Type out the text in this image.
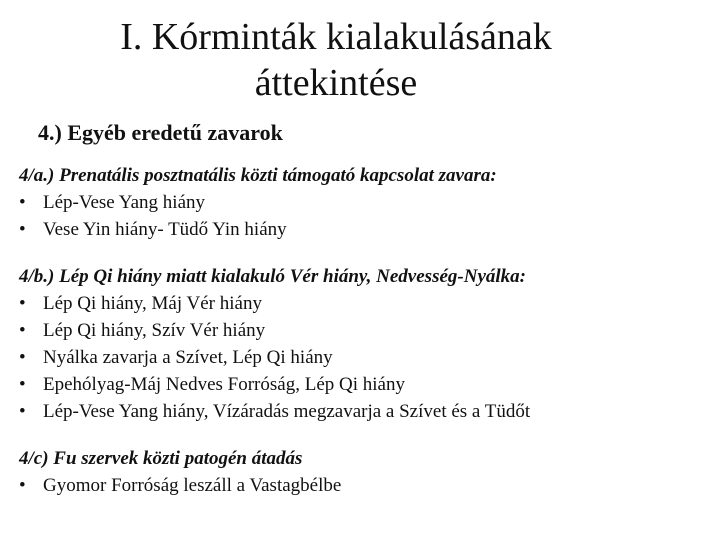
I. Kórminták kialakulásának
áttekintése
4.) Egyéb eredetű zavarok

4/a.) Prenatális posztnatális közti támogató kapcsolat zavara:

• Lép-Vese Yang hiány
• Vese Yin hiány- Tüdő Yin hiány

4/b.) Lép Qi hiány miatt kialakuló Vér hiány, Nedvesség-Nyálka:

• Lép Qi hiány, Máj Vér hiány
• Lép Qi hiány, Szív Vér hiány
• Nyálka zavarja a Szívet, Lép Qi hiány
• Epehólyag-Máj Nedves Forróság, Lép Qi hiány
• Lép-Vese Yang hiány, Vízáradás megzavarja a Szívet és a Tüdőt

4/c) Fu szervek közti patogén átadás

• Gyomor Forróság leszáll a Vastagbélbe
